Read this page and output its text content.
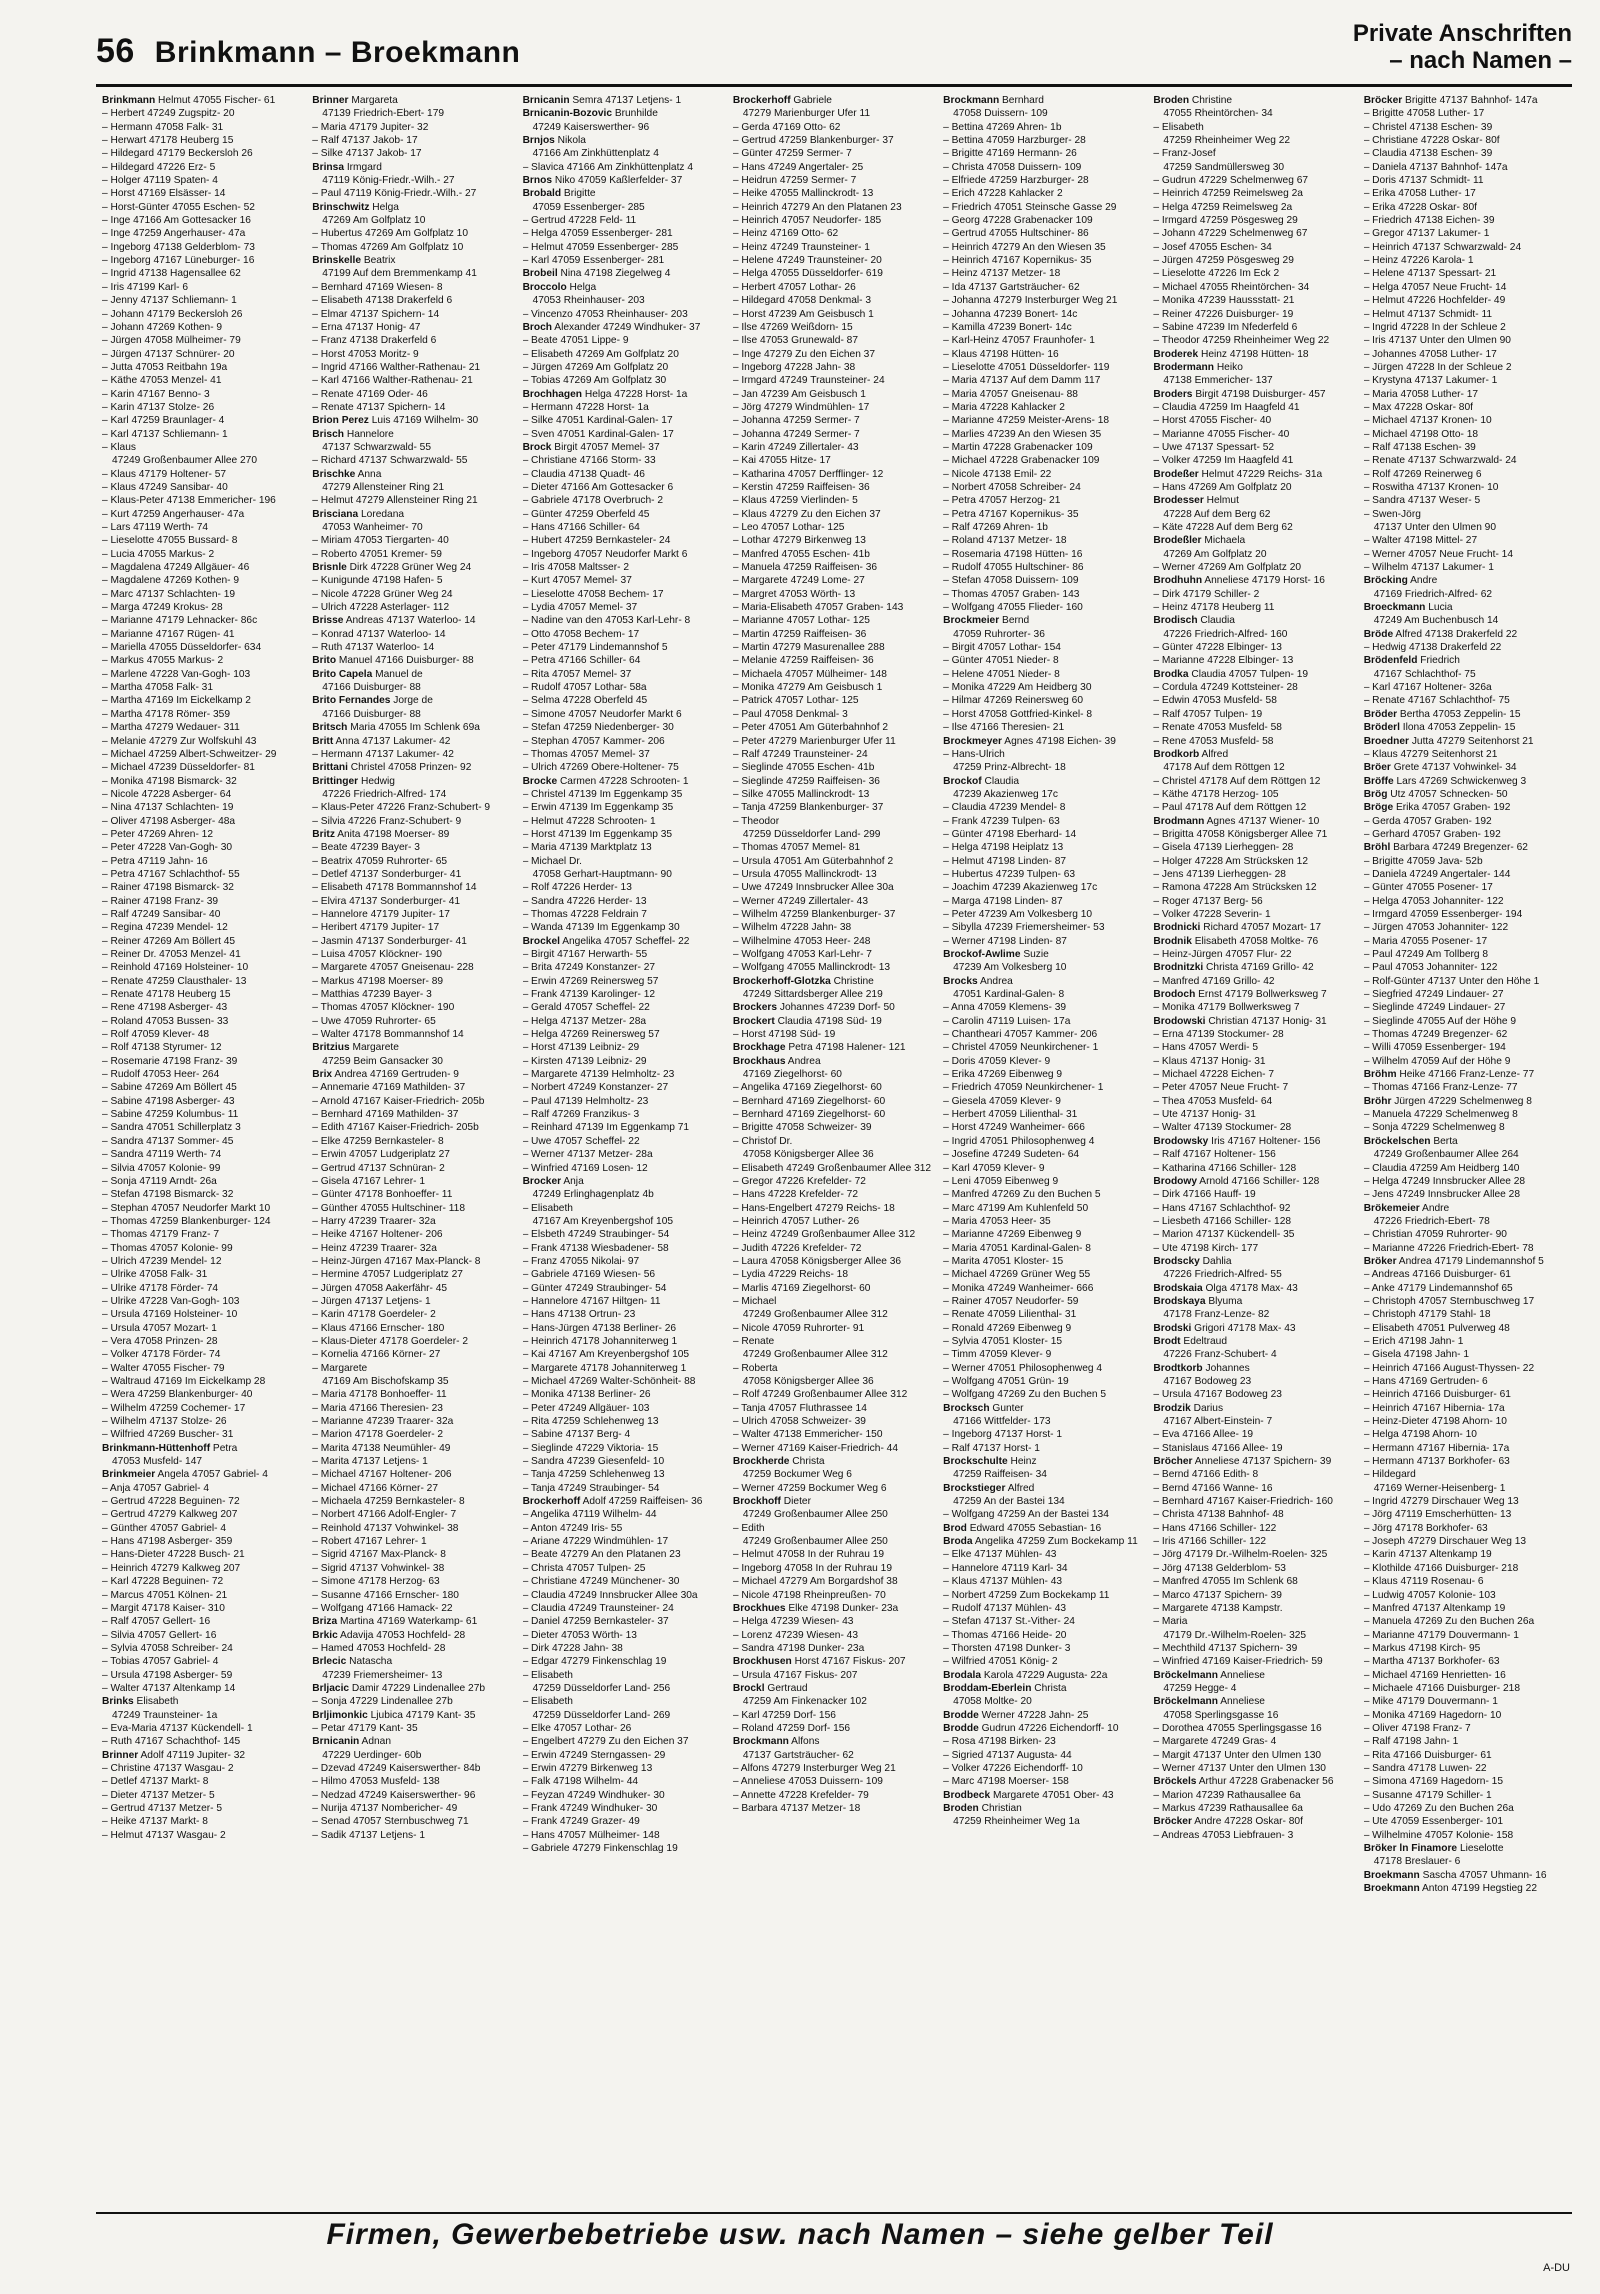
56 Brinkmann – Broekmann
Private Anschriften
– nach Namen –
Brinkmann Helmut 47055 Fischer- 61
– Herbert 47249 Zugspitz- 20
– Hermann 47058 Falk- 31
– Herwart 47178 Heuberg 15
– Hildegard 47179 Beckersloh 26
– Hildegard 47226 Erz- 5
– Holger 47119 Spaten- 4
– Horst 47169 Elsässer- 14
– Horst-Günter 47055 Eschen- 52
– Inge 47166 Am Gottesacker 16
– Inge 47259 Angerhauser- 47a
– Ingeborg 47138 Gelderblom- 73
– Ingeborg 47167 Lüneburger- 16
– Ingrid 47138 Hagensallee 62
– Iris 47199 Karl- 6
– Jenny 47137 Schliemann- 1
– Johann 47179 Beckersloh 26
– Johann 47269 Kothen- 9
– Jürgen 47058 Mülheimer- 79
– Jürgen 47137 Schnürer- 20
– Jutta 47053 Reitbahn 19a
– Käthe 47053 Menzel- 41
– Karin 47167 Benno- 3
– Karin 47137 Stolze- 26
– Karl 47259 Braunlager- 4
– Karl 47137 Schliemann- 1
– Klaus
47249 Großenbaumer Allee 270
– Klaus 47179 Holtener- 57
– Klaus 47249 Sansibar- 40
– Klaus-Peter 47138 Emmericher- 196
– Kurt 47259 Angerhauser- 47a
– Lars 47119 Werth- 74
– Lieselotte 47055 Bussard- 8
– Lucia 47055 Markus- 2
– Magdalena 47249 Allgäuer- 46
– Magdalene 47269 Kothen- 9
– Marc 47137 Schlachten- 19
– Marga 47249 Krokus- 28
– Marianne 47179 Lehnacker- 86c
– Marianne 47167 Rügen- 41
– Mariella 47055 Düsseldorfer- 634
– Markus 47055 Markus- 2
– Marlene 47228 Van-Gogh- 103
– Martha 47058 Falk- 31
– Martha 47169 Im Eickelkamp 2
– Martha 47178 Römer- 359
– Martha 47279 Wedauer- 311
– Melanie 47279 Zur Wolfskuhl 43
– Michael 47259 Albert-Schweitzer- 29
– Michael 47239 Düsseldorfer- 81
– Monika 47198 Bismarck- 32
– Nicole 47228 Asberger- 64
– Nina 47137 Schlachten- 19
– Oliver 47198 Asberger- 48a
– Peter 47269 Ahren- 12
– Peter 47228 Van-Gogh- 30
– Petra 47119 Jahn- 16
– Petra 47167 Schlachthof- 55
– Rainer 47198 Bismarck- 32
– Rainer 47198 Franz- 39
– Ralf 47249 Sansibar- 40
– Regina 47239 Mendel- 12
– Reiner 47269 Am Böllert 45
– Reiner Dr. 47053 Menzel- 41
– Reinhold 47169 Holsteiner- 10
– Renate 47259 Clausthaler- 13
– Renate 47178 Heuberg 15
– Rene 47198 Asberger- 43
– Roland 47053 Bussen- 33
– Rolf 47059 Klever- 48
– Rolf 47138 Styrumer- 12
– Rosemarie 47198 Franz- 39
– Rudolf 47053 Heer- 264
– Sabine 47269 Am Böllert 45
– Sabine 47198 Asberger- 43
– Sabine 47259 Kolumbus- 11
– Sandra 47051 Schillerplatz 3
– Sandra 47137 Sommer- 45
– Sandra 47119 Werth- 74
– Silvia 47057 Kolonie- 99
– Sonja 47119 Arndt- 26a
– Stefan 47198 Bismarck- 32
– Stephan 47057 Neudorfer Markt 10
– Thomas 47259 Blankenburger- 124
– Thomas 47179 Franz- 7
– Thomas 47057 Kolonie- 99
– Ulrich 47239 Mendel- 12
– Ulrike 47058 Falk- 31
– Ulrike 47178 Förder- 74
– Ulrike 47228 Van-Gogh- 103
– Ursula 47169 Holsteiner- 10
– Ursula 47057 Mozart- 1
– Vera 47058 Prinzen- 28
– Volker 47178 Förder- 74
– Walter 47055 Fischer- 79
– Waltraud 47169 Im Eickelkamp 28
– Wera 47259 Blankenburger- 40
– Wilhelm 47259 Cochemer- 17
– Wilhelm 47137 Stolze- 26
– Wilfried 47269 Buscher- 31
Brinkmann-Hüttenhoff Petra
47053 Musfeld- 147
Brinkmeier Angela 47057 Gabriel- 4
– Anja 47057 Gabriel- 4
– Gertrud 47228 Beguinen- 72
– Gertrud 47279 Kalkweg 207
– Günther 47057 Gabriel- 4
– Hans 47198 Asberger- 359
– Hans-Dieter 47228 Busch- 21
– Heinrich 47279 Kalkweg 207
– Karl 47228 Beguinen- 72
– Marcus 47051 Kölnen- 21
– Margit 47178 Kaiser- 310
– Ralf 47057 Gellert- 16
– Silvia 47057 Gellert- 16
– Sylvia 47058 Schreiber- 24
– Tobias 47057 Gabriel- 4
– Ursula 47198 Asberger- 59
– Walter 47137 Altenkamp 14
Brinks Elisabeth
47249 Traunsteiner- 1a
– Eva-Maria 47137 Kückendell- 1
– Ruth 47167 Schachthof- 145
Brinner Adolf 47119 Jupiter- 32
– Christine 47137 Wasgau- 2
– Detlef 47137 Markt- 8
– Dieter 47137 Metzer- 5
– Gertrud 47137 Metzer- 5
– Heike 47137 Markt- 8
– Helmut 47137 Wasgau- 2
Brinner Margareta
47139 Friedrich-Ebert- 179
– Maria 47179 Jupiter- 32
– Ralf 47137 Jakob- 17
– Silke 47137 Jakob- 17
Brinsa Irmgard
47119 König-Friedr.-Wilh.- 27
– Paul 47119 König-Friedr.-Wilh.- 27
Brinschwitz Helga
47269 Am Golfplatz 10
– Hubertus 47269 Am Golfplatz 10
– Thomas 47269 Am Golfplatz 10
Brinskelle Beatrix
47199 Auf dem Bremmenkamp 41
– Bernhard 47169 Wiesen- 8
– Elisabeth 47138 Drakerfeld 6
– Elmar 47137 Spichern- 14
– Erna 47137 Honig- 47
– Franz 47138 Drakerfeld 6
– Horst 47053 Moritz- 9
– Ingrid 47166 Walther-Rathenau- 21
– Karl 47166 Walther-Rathenau- 21
– Renate 47169 Oder- 46
– Renate 47137 Spichern- 14
Brion Perez Luis 47169 Wilhelm- 30
Brisch Hannelore
47137 Schwarzwald- 55
– Richard 47137 Schwarzwald- 55
Brischke Anna
47279 Allensteiner Ring 21
– Helmut 47279 Allensteiner Ring 21
Brisciana Loredana
47053 Wanheimer- 70
– Miriam 47053 Tiergarten- 40
– Roberto 47051 Kremer- 59
Brisnle Dirk 47228 Grüner Weg 24
– Kunigunde 47198 Hafen- 5
– Nicole 47228 Grüner Weg 24
– Ulrich 47228 Asterlager- 112
Brisse Andreas 47137 Waterloo- 14
– Konrad 47137 Waterloo- 14
– Ruth 47137 Waterloo- 14
Brito Manuel 47166 Duisburger- 88
Brito Capela Manuel de
47166 Duisburger- 88
Brito Fernandes Jorge de
47166 Duisburger- 88
Britsch Maria 47055 Im Schlenk 69a
Britt Anna 47137 Lakumer- 42
– Hermann 47137 Lakumer- 42
Brittani Christel 47058 Prinzen- 92
Brittinger Hedwig
47226 Friedrich-Alfred- 174
– Klaus-Peter 47226 Franz-Schubert- 9
– Silvia 47226 Franz-Schubert- 9
Britz Anita 47198 Moerser- 89
– Beate 47239 Bayer- 3
– Beatrix 47059 Ruhrorter- 65
– Detlef 47137 Sonderburger- 41
– Elisabeth 47178 Bommannshof 14
– Elvira 47137 Sonderburger- 41
– Hannelore 47179 Jupiter- 17
– Heribert 47179 Jupiter- 17
– Jasmin 47137 Sonderburger- 41
– Luisa 47057 Klöckner- 190
– Margarete 47057 Gneisenau- 228
– Markus 47198 Moerser- 89
– Matthias 47239 Bayer- 3
– Thomas 47057 Klöckner- 190
– Uwe 47059 Ruhrorter- 65
– Walter 47178 Bommannshof 14
Britzius Margarete
47259 Beim Gansacker 30
Brix Andrea 47169 Gertruden- 9
– Annemarie 47169 Mathilden- 37
– Arnold 47167 Kaiser-Friedrich- 205b
– Bernhard 47169 Mathilden- 37
– Edith 47167 Kaiser-Friedrich- 205b
– Elke 47259 Bernkasteler- 8
– Erwin 47057 Ludgeriplatz 27
– Gertrud 47137 Schnüran- 2
– Gisela 47167 Lehrer- 1
– Günter 47178 Bonhoeffer- 11
– Günther 47055 Hultschiner- 118
– Harry 47239 Traarer- 32a
– Heike 47167 Holtener- 206
– Heinz 47239 Traarer- 32a
– Heinz-Jürgen 47167 Max-Planck- 8
– Hermine 47057 Ludgeriplatz 27
– Jürgen 47058 Aakerfähr- 45
– Jürgen 47137 Letjens- 1
– Karin 47178 Goerdeler- 2
– Klaus 47166 Ernscher- 180
– Klaus-Dieter 47178 Goerdeler- 2
– Kornelia 47166 Körner- 27
– Margarete
47169 Am Bischofskamp 35
– Maria 47178 Bonhoeffer- 11
– Maria 47166 Theresien- 23
– Marianne 47239 Traarer- 32a
– Marion 47178 Goerdeler- 2
– Marita 47138 Neumühler- 49
– Marita 47137 Letjens- 1
– Michael 47167 Holtener- 206
– Michael 47166 Körner- 27
– Michaela 47259 Bernkasteler- 8
– Norbert 47166 Adolf-Engler- 7
– Reinhold 47137 Vohwinkel- 38
– Robert 47167 Lehrer- 1
– Sigrid 47167 Max-Planck- 8
– Sigrid 47137 Vohwinkel- 38
– Simone 47178 Herzog- 63
– Susanne 47166 Ernscher- 180
– Wolfgang 47166 Hamack- 22
Briza Martina 47169 Waterkamp- 61
Brkic Adavija 47053 Hochfeld- 28
– Hamed 47053 Hochfeld- 28
Brlecic Natascha
47239 Friemersheimer- 13
Brljacic Damir 47229 Lindenallee 27b
– Sonja 47229 Lindenallee 27b
Brljimonkic Ljubica 47179 Kant- 35
– Petar 47179 Kant- 35
Brnicanin Adnan
47229 Uerdinger- 60b
– Dzevad 47249 Kaiserswerther- 84b
– Hilmo 47053 Musfeld- 138
– Nedzad 47249 Kaiserswerther- 96
– Nurija 47137 Nombericher- 49
– Senad 47057 Sternbuschweg 71
– Sadik 47137 Letjens- 1
Brnicanin Semra 47137 Letjens- 1
Brnicanin-Bozovic Brunhilde
47249 Kaiserswerther- 96
Brnjos Nikola
47166 Am Zinkhüttenplatz 4
– Slavica 47166 Am Zinkhüttenplatz 4
Brnos Niko 47059 Kaßlerfelder- 37
Brobald Brigitte
47059 Essenberger- 285
– Gertrud 47228 Feld- 11
– Helga 47059 Essenberger- 281
– Helmut 47059 Essenberger- 285
– Karl 47059 Essenberger- 281
Brobeil Nina 47198 Ziegelweg 4
Broccolo Helga
47053 Rheinhauser- 203
– Vincenzo 47053 Rheinhauser- 203
Broch Alexander 47249 Windhuker- 37
– Beate 47051 Lippe- 9
– Elisabeth 47269 Am Golfplatz 20
– Jürgen 47269 Am Golfplatz 20
– Tobias 47269 Am Golfplatz 30
Brochhagen Helga 47228 Horst- 1a
– Hermann 47228 Horst- 1a
– Silke 47051 Kardinal-Galen- 17
– Sven 47051 Kardinal-Galen- 17
Brock Birgit 47057 Memel- 37
– Christiane 47166 Storm- 33
– Claudia 47138 Quadt- 46
– Dieter 47166 Am Gottesacker 6
– Gabriele 47178 Overbruch- 2
– Günter 47259 Oberfeld 45
– Hans 47166 Schiller- 64
– Hubert 47259 Bernkasteler- 24
– Ingeborg 47057 Neudorfer Markt 6
– Iris 47058 Maltsser- 2
– Kurt 47057 Memel- 37
– Lieselotte 47058 Bechem- 17
– Lydia 47057 Memel- 37
– Nadine van den 47053 Karl-Lehr- 8
– Otto 47058 Bechem- 17
– Peter 47179 Lindemannshof 5
– Petra 47166 Schiller- 64
– Rita 47057 Memel- 37
– Rudolf 47057 Lothar- 58a
– Selma 47228 Oberfeld 45
– Simone 47057 Neudorfer Markt 6
– Stefan 47259 Niedenberger- 30
– Stephan 47057 Kammer- 206
– Thomas 47057 Memel- 37
– Ulrich 47269 Obere-Holtener- 75
Brocke Carmen 47228 Schrooten- 1
– Christel 47139 Im Eggenkamp 35
– Erwin 47139 Im Eggenkamp 35
– Helmut 47228 Schrooten- 1
– Horst 47139 Im Eggenkamp 35
– Maria 47139 Marktplatz 13
– Michael Dr.
47058 Gerhart-Hauptmann- 90
– Rolf 47226 Herder- 13
– Sandra 47226 Herder- 13
– Thomas 47228 Feldrain 7
– Wanda 47139 Im Eggenkamp 30
Brockel Angelika 47057 Scheffel- 22
– Birgit 47167 Herwarth- 55
– Brita 47249 Konstanzer- 27
– Erwin 47269 Reinersweg 57
– Frank 47139 Karolinger- 12
– Gerald 47057 Scheffel- 22
– Helga 47137 Metzer- 28a
– Helga 47269 Reinersweg 57
– Horst 47139 Leibniz- 29
– Kirsten 47139 Leibniz- 29
– Margarete 47139 Helmholtz- 23
– Norbert 47249 Konstanzer- 27
– Paul 47139 Helmholtz- 23
– Ralf 47269 Franzikus- 3
– Reinhard 47139 Im Eggenkamp 71
– Uwe 47057 Scheffel- 22
– Werner 47137 Metzer- 28a
– Winfried 47169 Losen- 12
Brocker Anja
47249 Erlinghagenplatz 4b
– Elisabeth
47167 Am Kreyenbergshof 105
– Elsbeth 47249 Straubinger- 54
– Frank 47138 Wiesbadener- 58
– Franz 47055 Nikolai- 97
– Gabriele 47169 Wiesen- 56
– Günter 47249 Straubinger- 54
– Hannelore 47167 Hiltgen- 11
– Hans 47138 Ortrun- 23
– Hans-Jürgen 47138 Berliner- 26
– Heinrich 47178 Johanniterweg 1
– Kai 47167 Am Kreyenbergshof 105
– Margarete 47178 Johanniterweg 1
– Michael 47269 Walter-Schönheit- 88
– Monika 47138 Berliner- 26
– Peter 47249 Allgäuer- 103
– Rita 47259 Schlehenweg 13
– Sabine 47137 Berg- 4
– Sieglinde 47229 Viktoria- 15
– Sandra 47239 Giesenfeld- 10
– Tanja 47259 Schlehenweg 13
– Tanja 47249 Straubinger- 54
Brockerhoff Adolf 47259 Raiffeisen- 36
– Angelika 47119 Wilhelm- 44
– Anton 47249 Iris- 55
– Ariane 47229 Windmühlen- 17
– Beate 47279 An den Platanen 23
– Christa 47057 Tulpen- 25
– Christiane 47249 Münchener- 30
– Claudia 47249 Innsbrucker Allee 30a
– Claudia 47249 Traunsteiner- 24
– Daniel 47259 Bernkasteler- 37
– Dieter 47053 Wörth- 13
– Dirk 47228 Jahn- 38
– Edgar 47279 Finkenschlag 19
– Elisabeth
47259 Düsseldorfer Land- 256
– Elisabeth
47259 Düsseldorfer Land- 269
– Elke 47057 Lothar- 26
– Engelbert 47279 Zu den Eichen 37
– Erwin 47249 Sterngassen- 29
– Erwin 47279 Birkenweg 13
– Falk 47198 Wilhelm- 44
– Feyzan 47249 Windhuker- 30
– Frank 47249 Windhuker- 30
– Frank 47249 Grazer- 49
– Hans 47057 Mülheimer- 148
– Gabriele 47279 Finkenschlag 19
Brockerhoff Gabriele
47279 Marienburger Ufer 11
– Gerda 47169 Otto- 62
– Gertrud 47259 Blankenburger- 37
– Günter 47259 Sermer- 7
– Hans 47249 Angertaler- 25
– Heidrun 47259 Sermer- 7
– Heike 47055 Mallinckrodt- 13
– Heinrich 47279 An den Platanen 23
– Heinrich 47057 Neudorfer- 185
– Heinz 47169 Otto- 62
– Heinz 47249 Traunsteiner- 1
– Helene 47249 Traunsteiner- 20
– Helga 47055 Düsseldorfer- 619
– Herbert 47057 Lothar- 26
– Hildegard 47058 Denkmal- 3
– Horst 47239 Am Geisbusch 1
– Ilse 47269 Weißdorn- 15
– Ilse 47053 Grunewald- 87
– Inge 47279 Zu den Eichen 37
– Ingeborg 47228 Jahn- 38
– Irmgard 47249 Traunsteiner- 24
– Jan 47239 Am Geisbusch 1
– Jörg 47279 Windmühlen- 17
– Johanna 47259 Sermer- 7
– Johanna 47249 Sermer- 7
– Karin 47249 Zillertaler- 43
– Kai 47055 Hitze- 17
– Katharina 47057 Derfflinger- 12
– Kerstin 47259 Raiffeisen- 36
– Klaus 47259 Vierlinden- 5
– Klaus 47279 Zu den Eichen 37
– Leo 47057 Lothar- 125
– Lothar 47279 Birkenweg 13
– Manfred 47055 Eschen- 41b
– Manuela 47259 Raiffeisen- 36
– Margarete 47249 Lome- 27
– Margret 47053 Wörth- 13
– Maria-Elisabeth 47057 Graben- 143
– Marianne 47057 Lothar- 125
– Martin 47259 Raiffeisen- 36
– Martin 47279 Masurenallee 288
– Melanie 47259 Raiffeisen- 36
– Michaela 47057 Mülheimer- 148
– Monika 47279 Am Geisbusch 1
– Patrick 47057 Lothar- 125
– Paul 47058 Denkmal- 3
– Peter 47051 Am Güterbahnhof 2
– Peter 47279 Marienburger Ufer 11
– Ralf 47249 Traunsteiner- 24
– Sieglinde 47055 Eschen- 41b
– Sieglinde 47259 Raiffeisen- 36
– Silke 47055 Mallinckrodt- 13
– Tanja 47259 Blankenburger- 37
– Theodor
47259 Düsseldorfer Land- 299
– Thomas 47057 Memel- 81
– Ursula 47051 Am Güterbahnhof 2
– Ursula 47055 Mallinckrodt- 13
– Uwe 47249 Innsbrucker Allee 30a
– Werner 47249 Zillertaler- 43
– Wilhelm 47259 Blankenburger- 37
– Wilhelm 47228 Jahn- 38
– Wilhelmine 47053 Heer- 248
– Wolfgang 47053 Karl-Lehr- 7
– Wolfgang 47055 Mallinckrodt- 13
Brockerhoff-Glotzka Christine
47249 Sittardsberger Allee 219
Brockers Johannes 47239 Dorf- 50
Brockert Claudia 47198 Süd- 19
– Horst 47198 Süd- 19
Brockhage Petra 47198 Halener- 121
Brockhaus Andrea
47169 Ziegelhorst- 60
– Angelika 47169 Ziegelhorst- 60
– Bernhard 47169 Ziegelhorst- 60
– Bernhard 47169 Ziegelhorst- 60
– Brigitte 47058 Schweizer- 39
– Christof Dr.
47058 Königsberger Allee 36
– Elisabeth 47249 Großenbaumer Allee 312
– Gregor 47226 Krefelder- 72
– Hans 47228 Krefelder- 72
– Hans-Engelbert 47279 Reichs- 18
– Heinrich 47057 Luther- 26
– Heinz 47249 Großenbaumer Allee 312
– Judith 47226 Krefelder- 72
– Laura 47058 Königsberger Allee 36
– Lydia 47229 Reichs- 18
– Marlis 47169 Ziegelhorst- 60
– Michael
47249 Großenbaumer Allee 312
– Nicole 47059 Ruhrorter- 91
– Renate
47249 Großenbaumer Allee 312
– Roberta
47058 Königsberger Allee 36
– Rolf 47249 Großenbaumer Allee 312
– Tanja 47057 Fluthrassee 14
– Ulrich 47058 Schweizer- 39
– Walter 47138 Emmericher- 150
– Werner 47169 Kaiser-Friedrich- 44
Brockherde Christa
47259 Bockumer Weg 6
– Werner 47259 Bockumer Weg 6
Brockhoff Dieter
47249 Großenbaumer Allee 250
– Edith
47249 Großenbaumer Allee 250
– Helmut 47058 In der Ruhrau 19
– Ingeborg 47058 In der Ruhrau 19
– Michael 47279 Am Borgardshof 38
– Nicole 47198 Rheinpreußen- 70
Brockhues Elke 47198 Dunker- 23a
– Helga 47239 Wiesen- 43
– Lorenz 47239 Wiesen- 43
– Sandra 47198 Dunker- 23a
Brockhusen Horst 47167 Fiskus- 207
– Ursula 47167 Fiskus- 207
Brockl Gertraud
47259 Am Finkenacker 102
– Karl 47259 Dorf- 156
– Roland 47259 Dorf- 156
Brockmann Alfons
47137 Gartsträucher- 62
– Alfons 47279 Insterburger Weg 21
– Anneliese 47053 Duissern- 109
– Annette 47228 Krefelder- 79
– Barbara 47137 Metzer- 18
Brockmann Bernhard
47058 Duissern- 109
– Bettina 47269 Ahren- 1b
– Bettina 47059 Harzburger- 28
– Brigitte 47169 Hermann- 26
– Christa 47058 Duissern- 109
– Elfriede 47259 Harzburger- 28
– Erich 47228 Kahlacker 2
– Friedrich 47051 Steinsche Gasse 29
– Georg 47228 Grabenacker 109
– Gertrud 47055 Hultschiner- 86
– Heinrich 47279 An den Wiesen 35
– Heinrich 47167 Kopernikus- 35
– Heinz 47137 Metzer- 18
– Ida 47137 Gartsträucher- 62
– Johanna 47279 Insterburger Weg 21
– Johanna 47239 Bonert- 14c
– Kamilla 47239 Bonert- 14c
– Karl-Heinz 47057 Fraunhofer- 1
– Klaus 47198 Hütten- 16
– Lieselotte 47051 Düsseldorfer- 119
– Maria 47137 Auf dem Damm 117
– Maria 47057 Gneisenau- 88
– Maria 47228 Kahlacker 2
– Marianne 47259 Meister-Arens- 18
– Marlies 47239 An den Wiesen 35
– Martin 47228 Grabenacker 109
– Michael 47228 Grabenacker 109
– Nicole 47138 Emil- 22
– Norbert 47058 Schreiber- 24
– Petra 47057 Herzog- 21
– Petra 47167 Kopernikus- 35
– Ralf 47269 Ahren- 1b
– Roland 47137 Metzer- 18
– Rosemaria 47198 Hütten- 16
– Rudolf 47055 Hultschiner- 86
– Stefan 47058 Duissern- 109
– Thomas 47057 Graben- 143
– Wolfgang 47055 Flieder- 160
Brockmeier Bernd
47059 Ruhrorter- 36
– Birgit 47057 Lothar- 154
– Günter 47051 Nieder- 8
– Helene 47051 Nieder- 8
– Monika 47229 Am Heidberg 30
– Hilmar 47269 Reinersweg 60
– Horst 47058 Gottfried-Kinkel- 8
– Ilse 47166 Theresien- 21
Brockmeyer Agnes 47198 Eichen- 39
– Hans-Ulrich
47259 Prinz-Albrecht- 18
Brockof Claudia
47239 Akazienweg 17c
– Claudia 47239 Mendel- 8
– Frank 47239 Tulpen- 63
– Günter 47198 Eberhard- 14
– Helga 47198 Heiplatz 13
– Helmut 47198 Linden- 87
– Hubertus 47239 Tulpen- 63
– Joachim 47239 Akazienweg 17c
– Marga 47198 Linden- 87
– Peter 47239 Am Volkesberg 10
– Sibylla 47239 Friemersheimer- 53
– Werner 47198 Linden- 87
Brockof-Awlime Suzie
47239 Am Volkesberg 10
Brocks Andrea
47051 Kardinal-Galen- 8
– Anna 47059 Klemens- 39
– Carolin 47119 Luisen- 17a
– Chantheari 47057 Kammer- 206
– Christel 47059 Neunkirchener- 1
– Doris 47059 Klever- 9
– Erika 47269 Eibenweg 9
– Friedrich 47059 Neunkirchener- 1
– Giesela 47059 Klever- 9
– Herbert 47059 Lilienthal- 31
– Horst 47249 Wanheimer- 666
– Ingrid 47051 Philosophenweg 4
– Josefine 47249 Sudeten- 64
– Karl 47059 Klever- 9
– Leni 47059 Eibenweg 9
– Manfred 47269 Zu den Buchen 5
– Marc 47199 Am Kuhlenfeld 50
– Maria 47053 Heer- 35
– Marianne 47269 Eibenweg 9
– Maria 47051 Kardinal-Galen- 8
– Marita 47051 Kloster- 15
– Michael 47269 Grüner Weg 55
– Monika 47249 Wanheimer- 666
– Rainer 47057 Neudorfer- 59
– Renate 47059 Lilienthal- 31
– Ronald 47269 Eibenweg 9
– Sylvia 47051 Kloster- 15
– Timm 47059 Klever- 9
– Werner 47051 Philosophenweg 4
– Wolfgang 47051 Grün- 19
– Wolfgang 47269 Zu den Buchen 5
Brocksch Gunter
47166 Wittfelder- 173
– Ingeborg 47137 Horst- 1
– Ralf 47137 Horst- 1
Brockschulte Heinz
47259 Raiffeisen- 34
Brockstieger Alfred
47259 An der Bastei 134
– Wolfgang 47259 An der Bastei 134
Brod Edward 47055 Sebastian- 16
Broda Angelika 47259 Zum Bockekamp 11
– Elke 47137 Mühlen- 43
– Hannelore 47119 Karl- 34
– Klaus 47137 Mühlen- 43
– Norbert 47259 Zum Bockekamp 11
– Rudolf 47137 Mühlen- 43
– Stefan 47137 St.-Vither- 24
– Thomas 47166 Heide- 20
– Thorsten 47198 Dunker- 3
– Wilfried 47051 König- 2
Brodala Karola 47229 Augusta- 22a
Broddam-Eberlein Christa
47058 Moltke- 20
Brodde Werner 47228 Jahn- 25
Brodde Gudrun 47226 Eichendorff- 10
– Rosa 47198 Birken- 23
– Sigried 47137 Augusta- 44
– Volker 47226 Eichendorff- 10
– Marc 47198 Moerser- 158
Brodbeck Margarete 47051 Ober- 43
Broden Christian
47259 Rheinheimer Weg 1a
Broden Christine
47055 Rheintörchen- 34
– Elisabeth
47259 Rheinheimer Weg 22
– Franz-Josef
47259 Sandmüllersweg 30
– Gudrun 47229 Schelmenweg 67
– Heinrich 47259 Reimelsweg 2a
– Helga 47259 Reimelsweg 2a
– Irmgard 47259 Pösgesweg 29
– Johann 47229 Schelmenweg 67
– Josef 47055 Eschen- 34
– Jürgen 47259 Pösgesweg 29
– Lieselotte 47226 Im Eck 2
– Michael 47055 Rheintörchen- 34
– Monika 47239 Haussstatt- 21
– Reiner 47226 Duisburger- 19
– Sabine 47239 Im Nfederfeld 6
– Theodor 47259 Rheinheimer Weg 22
Broderek Heinz 47198 Hütten- 18
Brodermann Heiko
47138 Emmericher- 137
Broders Birgit 47198 Duisburger- 457
– Claudia 47259 Im Haagfeld 41
– Horst 47055 Fischer- 40
– Marianne 47055 Fischer- 40
– Uwe 47137 Spessart- 52
– Volker 47259 Im Haagfeld 41
Brodeßer Helmut 47229 Reichs- 31a
– Hans 47269 Am Golfplatz 20
Brodesser Helmut
47228 Auf dem Berg 62
– Käte 47228 Auf dem Berg 62
Brodeßler Michaela
47269 Am Golfplatz 20
– Werner 47269 Am Golfplatz 20
Brodhuhn Anneliese 47179 Horst- 16
– Dirk 47179 Schiller- 2
– Heinz 47178 Heuberg 11
Brodisch Claudia
47226 Friedrich-Alfred- 160
– Günter 47228 Elbinger- 13
– Marianne 47228 Elbinger- 13
Brodka Claudia 47057 Tulpen- 19
– Cordula 47249 Kottsteiner- 28
– Edwin 47053 Musfeld- 58
– Ralf 47057 Tulpen- 19
– Renate 47053 Musfeld- 58
– Rene 47053 Musfeld- 58
Brodkorb Alfred
47178 Auf dem Röttgen 12
– Christel 47178 Auf dem Röttgen 12
– Käthe 47178 Herzog- 105
– Paul 47178 Auf dem Röttgen 12
Brodmann Agnes 47137 Wiener- 10
– Brigitta 47058 Königsberger Allee 71
– Gisela 47139 Lierheggen- 28
– Holger 47228 Am Strücksken 12
– Jens 47139 Lierheggen- 28
– Ramona 47228 Am Strücksken 12
– Roger 47137 Berg- 56
– Volker 47228 Severin- 1
Brodnicki Richard 47057 Mozart- 17
Brodnik Elisabeth 47058 Moltke- 76
– Heinz-Jürgen 47057 Flur- 22
Brodnitzki Christa 47169 Grillo- 42
– Manfred 47169 Grillo- 42
Brodoch Ernst 47179 Bollwerksweg 7
– Monika 47179 Bollwerksweg 7
Brodowski Christian 47137 Honig- 31
– Erna 47139 Stockumer- 28
– Hans 47057 Werdi- 5
– Klaus 47137 Honig- 31
– Michael 47228 Eichen- 7
– Peter 47057 Neue Frucht- 7
– Thea 47053 Musfeld- 64
– Ute 47137 Honig- 31
– Walter 47139 Stockumer- 28
Brodowsky Iris 47167 Holtener- 156
– Ralf 47167 Holtener- 156
– Katharina 47166 Schiller- 128
Brodowy Arnold 47166 Schiller- 128
– Dirk 47166 Hauff- 19
– Hans 47167 Schlachthof- 92
– Liesbeth 47166 Schiller- 128
– Marion 47137 Kückendell- 35
– Ute 47198 Kirch- 177
Brodscky Dahlia
47226 Friedrich-Alfred- 55
Brodskaia Olga 47178 Max- 43
Brodskaya Blyuma
47178 Franz-Lenze- 82
Brodski Grigori 47178 Max- 43
Brodt Edeltraud
47226 Franz-Schubert- 4
Brodtkorb Johannes
47167 Bodoweg 23
– Ursula 47167 Bodoweg 23
Brodzik Darius
47167 Albert-Einstein- 7
– Eva 47166 Allee- 19
– Stanislaus 47166 Allee- 19
Bröcher Anneliese 47137 Spichern- 39
– Bernd 47166 Edith- 8
– Bernd 47166 Wanne- 16
– Bernhard 47167 Kaiser-Friedrich- 160
– Christa 47138 Bahnhof- 48
– Hans 47166 Schiller- 122
– Iris 47166 Schiller- 122
– Jörg 47179 Dr.-Wilhelm-Roelen- 325
– Jörg 47138 Gelderblom- 53
– Manfred 47055 Im Schlenk 68
– Marco 47137 Spichern- 39
– Margarete 47138 Kampstr.
– Maria
47179 Dr.-Wilhelm-Roelen- 325
– Mechthild 47137 Spichern- 39
– Winfried 47169 Kaiser-Friedrich- 59
Bröckelmann Anneliese
47259 Hegge- 4
Bröckelmann Anneliese
47058 Sperlingsgasse 16
– Dorothea 47055 Sperlingsgasse 16
– Margarete 47249 Gras- 4
– Margit 47137 Unter den Ulmen 130
– Werner 47137 Unter den Ulmen 130
Bröckels Arthur 47228 Grabenacker 56
– Marion 47239 Rathausallee 6a
– Markus 47239 Rathausallee 6a
Bröcker Andre 47228 Oskar- 80f
– Andreas 47053 Liebfrauen- 3
Bröcker Brigitte 47137 Bahnhof- 147a
– Brigitte 47058 Luther- 17
– Christel 47138 Eschen- 39
– Christiane 47228 Oskar- 80f
– Claudia 47138 Eschen- 39
– Daniela 47137 Bahnhof- 147a
– Doris 47137 Schmidt- 11
– Erika 47058 Luther- 17
– Erika 47228 Oskar- 80f
– Friedrich 47138 Eichen- 39
– Gregor 47137 Lakumer- 1
– Heinrich 47137 Schwarzwald- 24
– Heinz 47226 Karola- 1
– Helene 47137 Spessart- 21
– Helga 47057 Neue Frucht- 14
– Helmut 47226 Hochfelder- 49
– Helmut 47137 Schmidt- 11
– Ingrid 47228 In der Schleue 2
– Iris 47137 Unter den Ulmen 90
– Johannes 47058 Luther- 17
– Jürgen 47228 In der Schleue 2
– Krystyna 47137 Lakumer- 1
– Maria 47058 Luther- 17
– Max 47228 Oskar- 80f
– Michael 47137 Kronen- 10
– Michael 47198 Otto- 18
– Ralf 47138 Eschen- 39
– Renate 47137 Schwarzwald- 24
– Rolf 47269 Reinerweg 6
– Roswitha 47137 Kronen- 10
– Sandra 47137 Weser- 5
– Swen-Jörg
47137 Unter den Ulmen 90
– Walter 47198 Mittel- 27
– Werner 47057 Neue Frucht- 14
– Wilhelm 47137 Lakumer- 1
Bröcking Andre
47169 Friedrich-Alfred- 62
Broeckmann Lucia
47249 Am Buchenbusch 14
Bröde Alfred 47138 Drakerfeld 22
– Hedwig 47138 Drakerfeld 22
Brödenfeld Friedrich
47167 Schlachthof- 75
– Karl 47167 Holtener- 326a
– Renate 47167 Schlachthof- 75
Bröder Bertha 47053 Zeppelin- 15
Bröderl Ilona 47053 Zeppelin- 15
Broedner Jutta 47279 Seitenhorst 21
– Klaus 47279 Seitenhorst 21
Bröer Grete 47137 Vohwinkel- 34
Bröffe Lars 47269 Schwickenweg 3
Brög Utz 47057 Schnecken- 50
Bröge Erika 47057 Graben- 192
– Gerda 47057 Graben- 192
– Gerhard 47057 Graben- 192
Bröhl Barbara 47249 Bregenzer- 62
– Brigitte 47059 Java- 52b
– Daniela 47249 Angertaler- 144
– Günter 47055 Posener- 17
– Helga 47053 Johanniter- 122
– Irmgard 47059 Essenberger- 194
– Jürgen 47053 Johanniter- 122
– Maria 47055 Posener- 17
– Paul 47249 Am Tollberg 8
– Paul 47053 Johanniter- 122
– Rolf-Günter 47137 Unter den Höhe 1
– Siegfried 47249 Lindauer- 27
– Sieglinde 47249 Lindauer- 27
– Sieglinde 47055 Auf der Höhe 9
– Thomas 47249 Bregenzer- 62
– Willi 47059 Essenberger- 194
– Wilhelm 47059 Auf der Höhe 9
Bröhm Heike 47166 Franz-Lenze- 77
– Thomas 47166 Franz-Lenze- 77
Bröhr Jürgen 47229 Schelmenweg 8
– Manuela 47229 Schelmenweg 8
– Sonja 47229 Schelmenweg 8
Bröckelschen Berta
47249 Großenbaumer Allee 264
– Claudia 47259 Am Heidberg 140
– Helga 47249 Innsbrucker Allee 28
– Jens 47249 Innsbrucker Allee 28
Brökemeier Andre
47226 Friedrich-Ebert- 78
– Christian 47059 Ruhrorter- 90
– Marianne 47226 Friedrich-Ebert- 78
Bröker Andrea 47179 Lindemannshof 5
– Andreas 47166 Duisburger- 61
– Anke 47179 Lindemannshof 65
– Christoph 47057 Sternbuschweg 17
– Christoph 47179 Stahl- 18
– Elisabeth 47051 Pulverweg 48
– Erich 47198 Jahn- 1
– Gisela 47198 Jahn- 1
– Heinrich 47166 August-Thyssen- 22
– Hans 47169 Gertruden- 6
– Heinrich 47166 Duisburger- 61
– Heinrich 47167 Hibernia- 17a
– Heinz-Dieter 47198 Ahorn- 10
– Helga 47198 Ahorn- 10
– Hermann 47167 Hibernia- 17a
– Hermann 47137 Borkhofer- 63
– Hildegard
47169 Werner-Heisenberg- 1
– Ingrid 47279 Dirschauer Weg 13
– Jörg 47119 Emscherhütten- 13
– Jörg 47178 Borkhofer- 63
– Joseph 47279 Dirschauer Weg 13
– Karin 47137 Altenkamp 19
– Klothilde 47166 Duisburger- 218
– Klaus 47119 Rosenau- 6
– Ludwig 47057 Kolonie- 103
– Manfred 47137 Altenkamp 19
– Manuela 47269 Zu den Buchen 26a
– Marianne 47179 Douvermann- 1
– Markus 47198 Kirch- 95
– Martha 47137 Borkhofer- 63
– Michael 47169 Henrietten- 16
– Michaele 47166 Duisburger- 218
– Mike 47179 Douvermann- 1
– Monika 47169 Hagedorn- 10
– Oliver 47198 Franz- 7
– Ralf 47198 Jahn- 1
– Rita 47166 Duisburger- 61
– Sandra 47178 Luwen- 22
– Simona 47169 Hagedorn- 15
– Susanne 47179 Schiller- 1
– Udo 47269 Zu den Buchen 26a
– Ute 47059 Essenberger- 101
– Wilhelmine 47057 Kolonie- 158
Bröker ln Finamore Lieselotte
47178 Breslauer- 6
Broekmann Sascha 47057 Uhmann- 16
Broekmann Anton 47199 Hegstieg 22
Firmen, Gewerbebetriebe usw. nach Namen – siehe gelber Teil
A-DU
